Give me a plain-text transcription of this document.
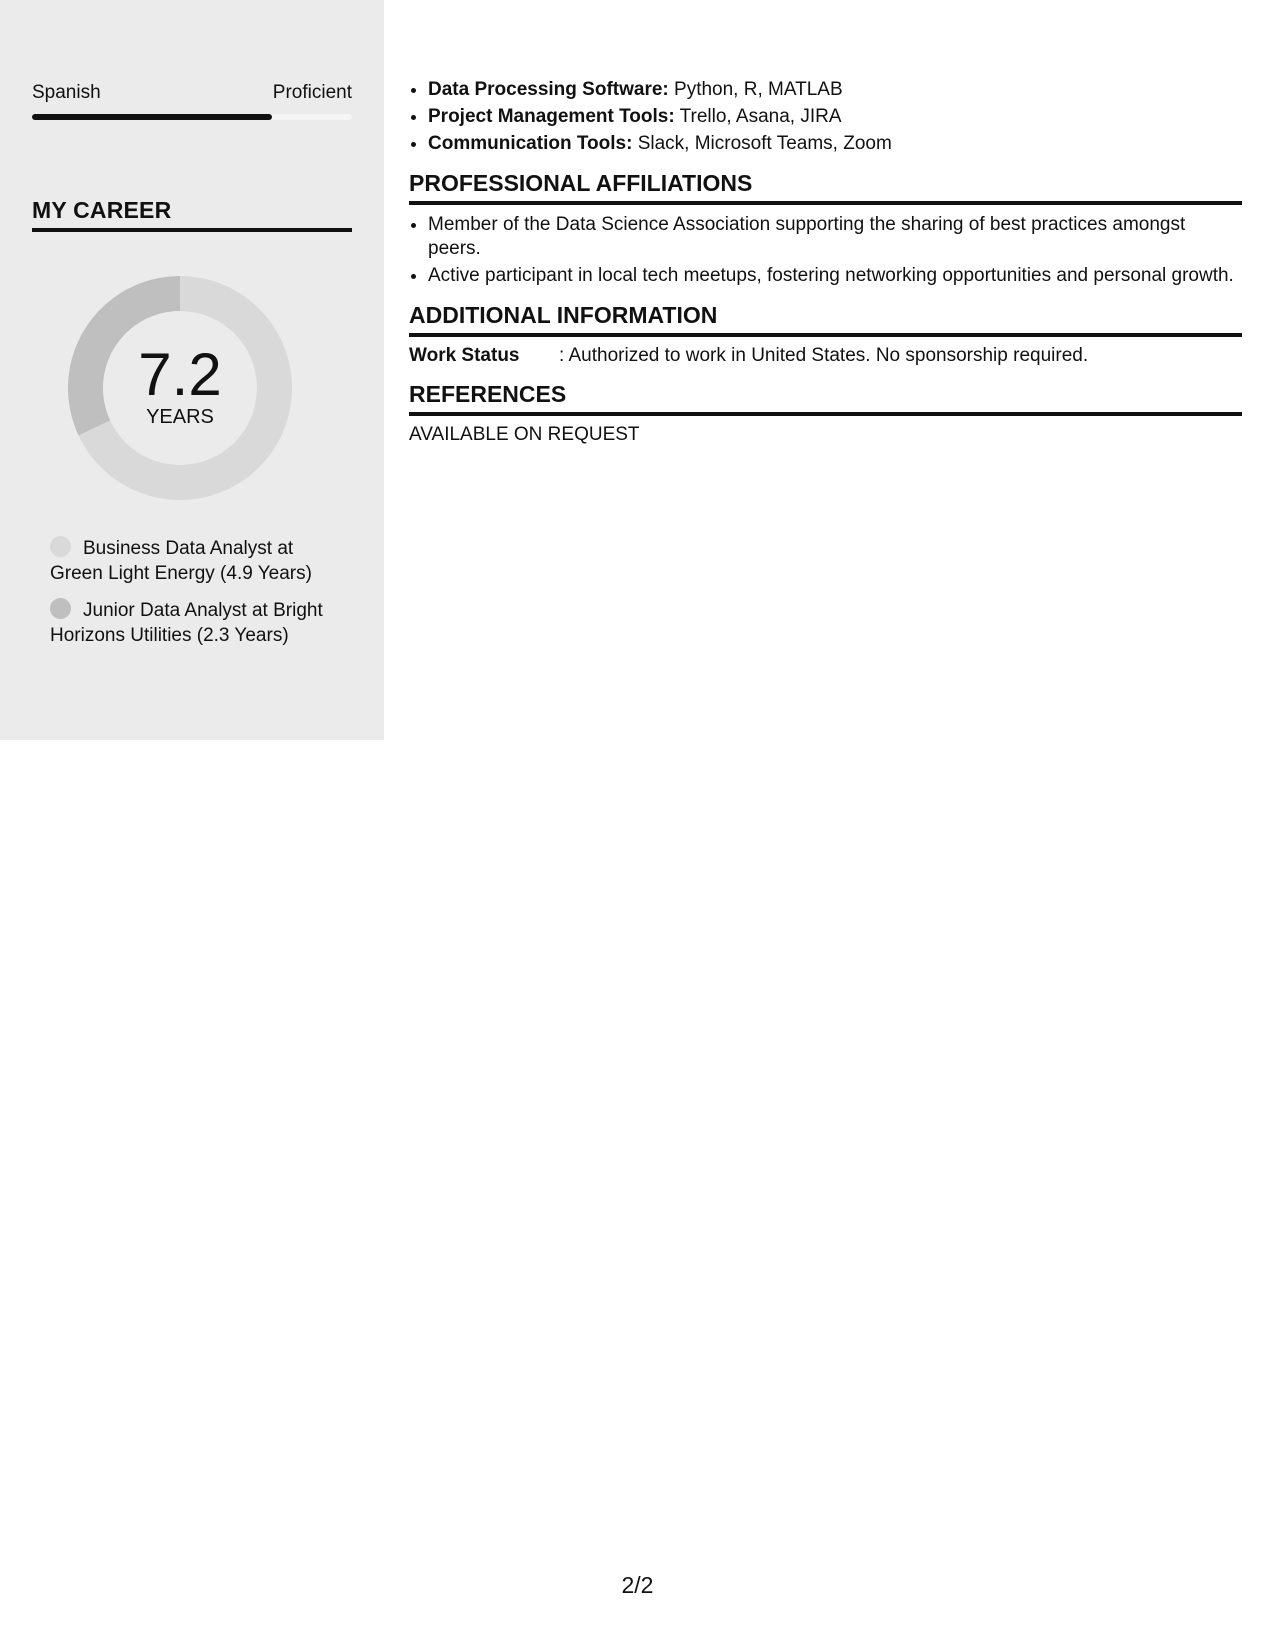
Spanish	Proficient
MY CAREER
7.2
YEARS
Business Data Analyst at Green Light Energy (4.9 Years)
Junior Data Analyst at Bright Horizons Utilities (2.3 Years)
• Data Processing Software: Python, R, MATLAB
• Project Management Tools: Trello, Asana, JIRA
• Communication Tools: Slack, Microsoft Teams, Zoom
PROFESSIONAL AFFILIATIONS
• Member of the Data Science Association supporting the sharing of best practices amongst peers.
• Active participant in local tech meetups, fostering networking opportunities and personal growth.
ADDITIONAL INFORMATION
Work Status	: Authorized to work in United States. No sponsorship required.
REFERENCES
AVAILABLE ON REQUEST
2/2
